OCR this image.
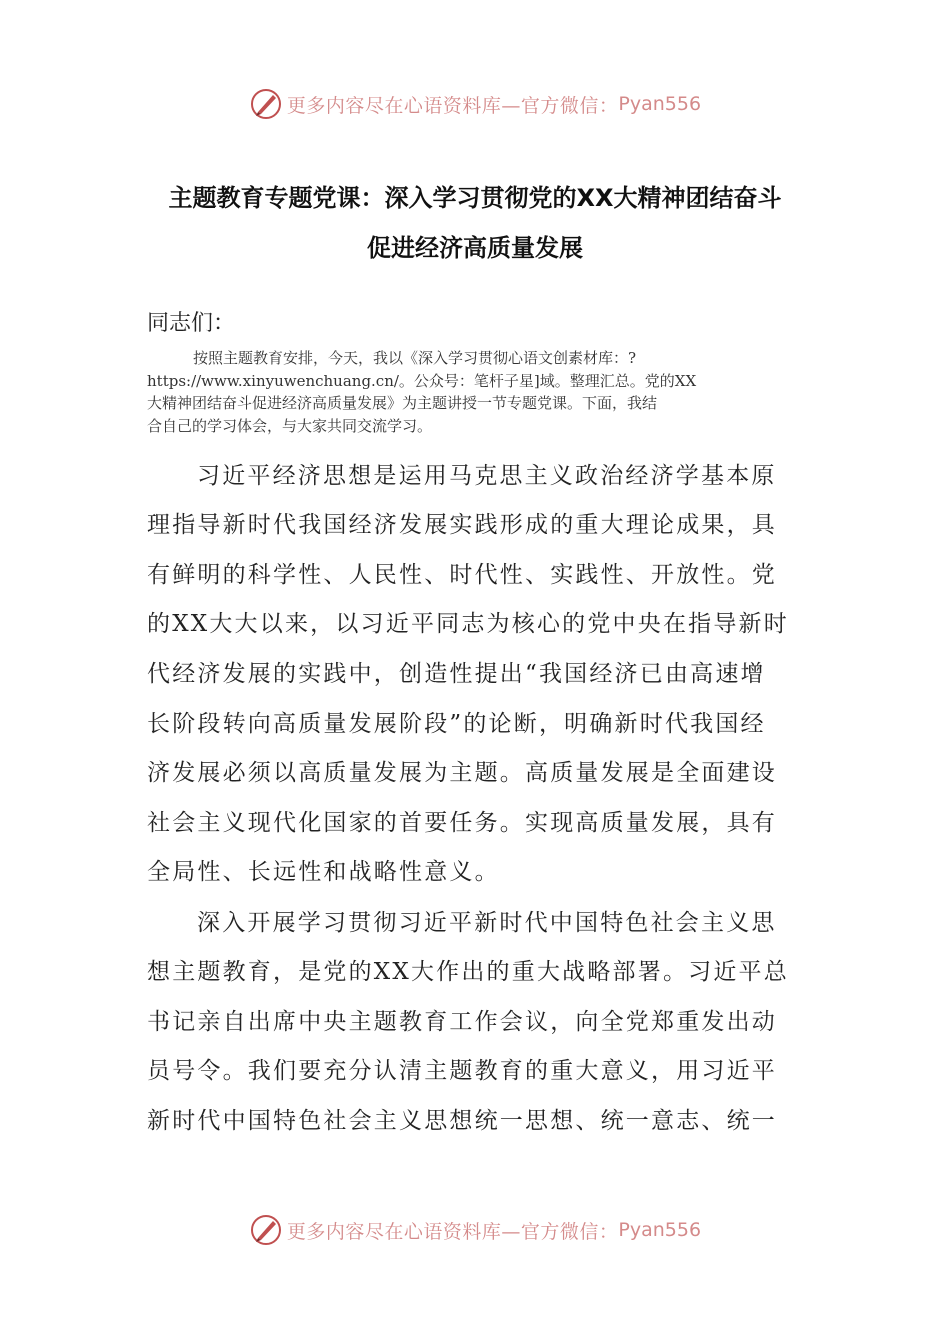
更多内容尽在心语资料库—官方微信： Pyan556
主题教育专题党课：深入学习贯彻党的XX大精神团结奋斗
促进经济高质量发展
同志们：
按照主题教育安排，今天，我以《深入学习贯彻心语文创素材库：?
https://www.xinyuwenchuang.cn/。公众号：笔杆子星]域。整理汇总。党的XX
大精神团结奋斗促进经济高质量发展》为主题讲授一节专题党课。下面，我结
合自己的学习体会，与大家共同交流学习。
习近平经济思想是运用马克思主义政治经济学基本原
理指导新时代我国经济发展实践形成的重大理论成果，具
有鲜明的科学性、人民性、时代性、实践性、开放性。党
的XX大大以来，以习近平同志为核心的党中央在指导新时
代经济发展的实践中，创造性提出“我国经济已由高速增
长阶段转向高质量发展阶段”的论断，明确新时代我国经
济发展必须以高质量发展为主题。高质量发展是全面建设
社会主义现代化国家的首要任务。实现高质量发展，具有
全局性、长远性和战略性意义。
深入开展学习贯彻习近平新时代中国特色社会主义思
想主题教育，是党的XX大作出的重大战略部署。习近平总
书记亲自出席中央主题教育工作会议，向全党郑重发出动
员号令。我们要充分认清主题教育的重大意义，用习近平
新时代中国特色社会主义思想统一思想、统一意志、统一
更多内容尽在心语资料库—官方微信： Pyan556
